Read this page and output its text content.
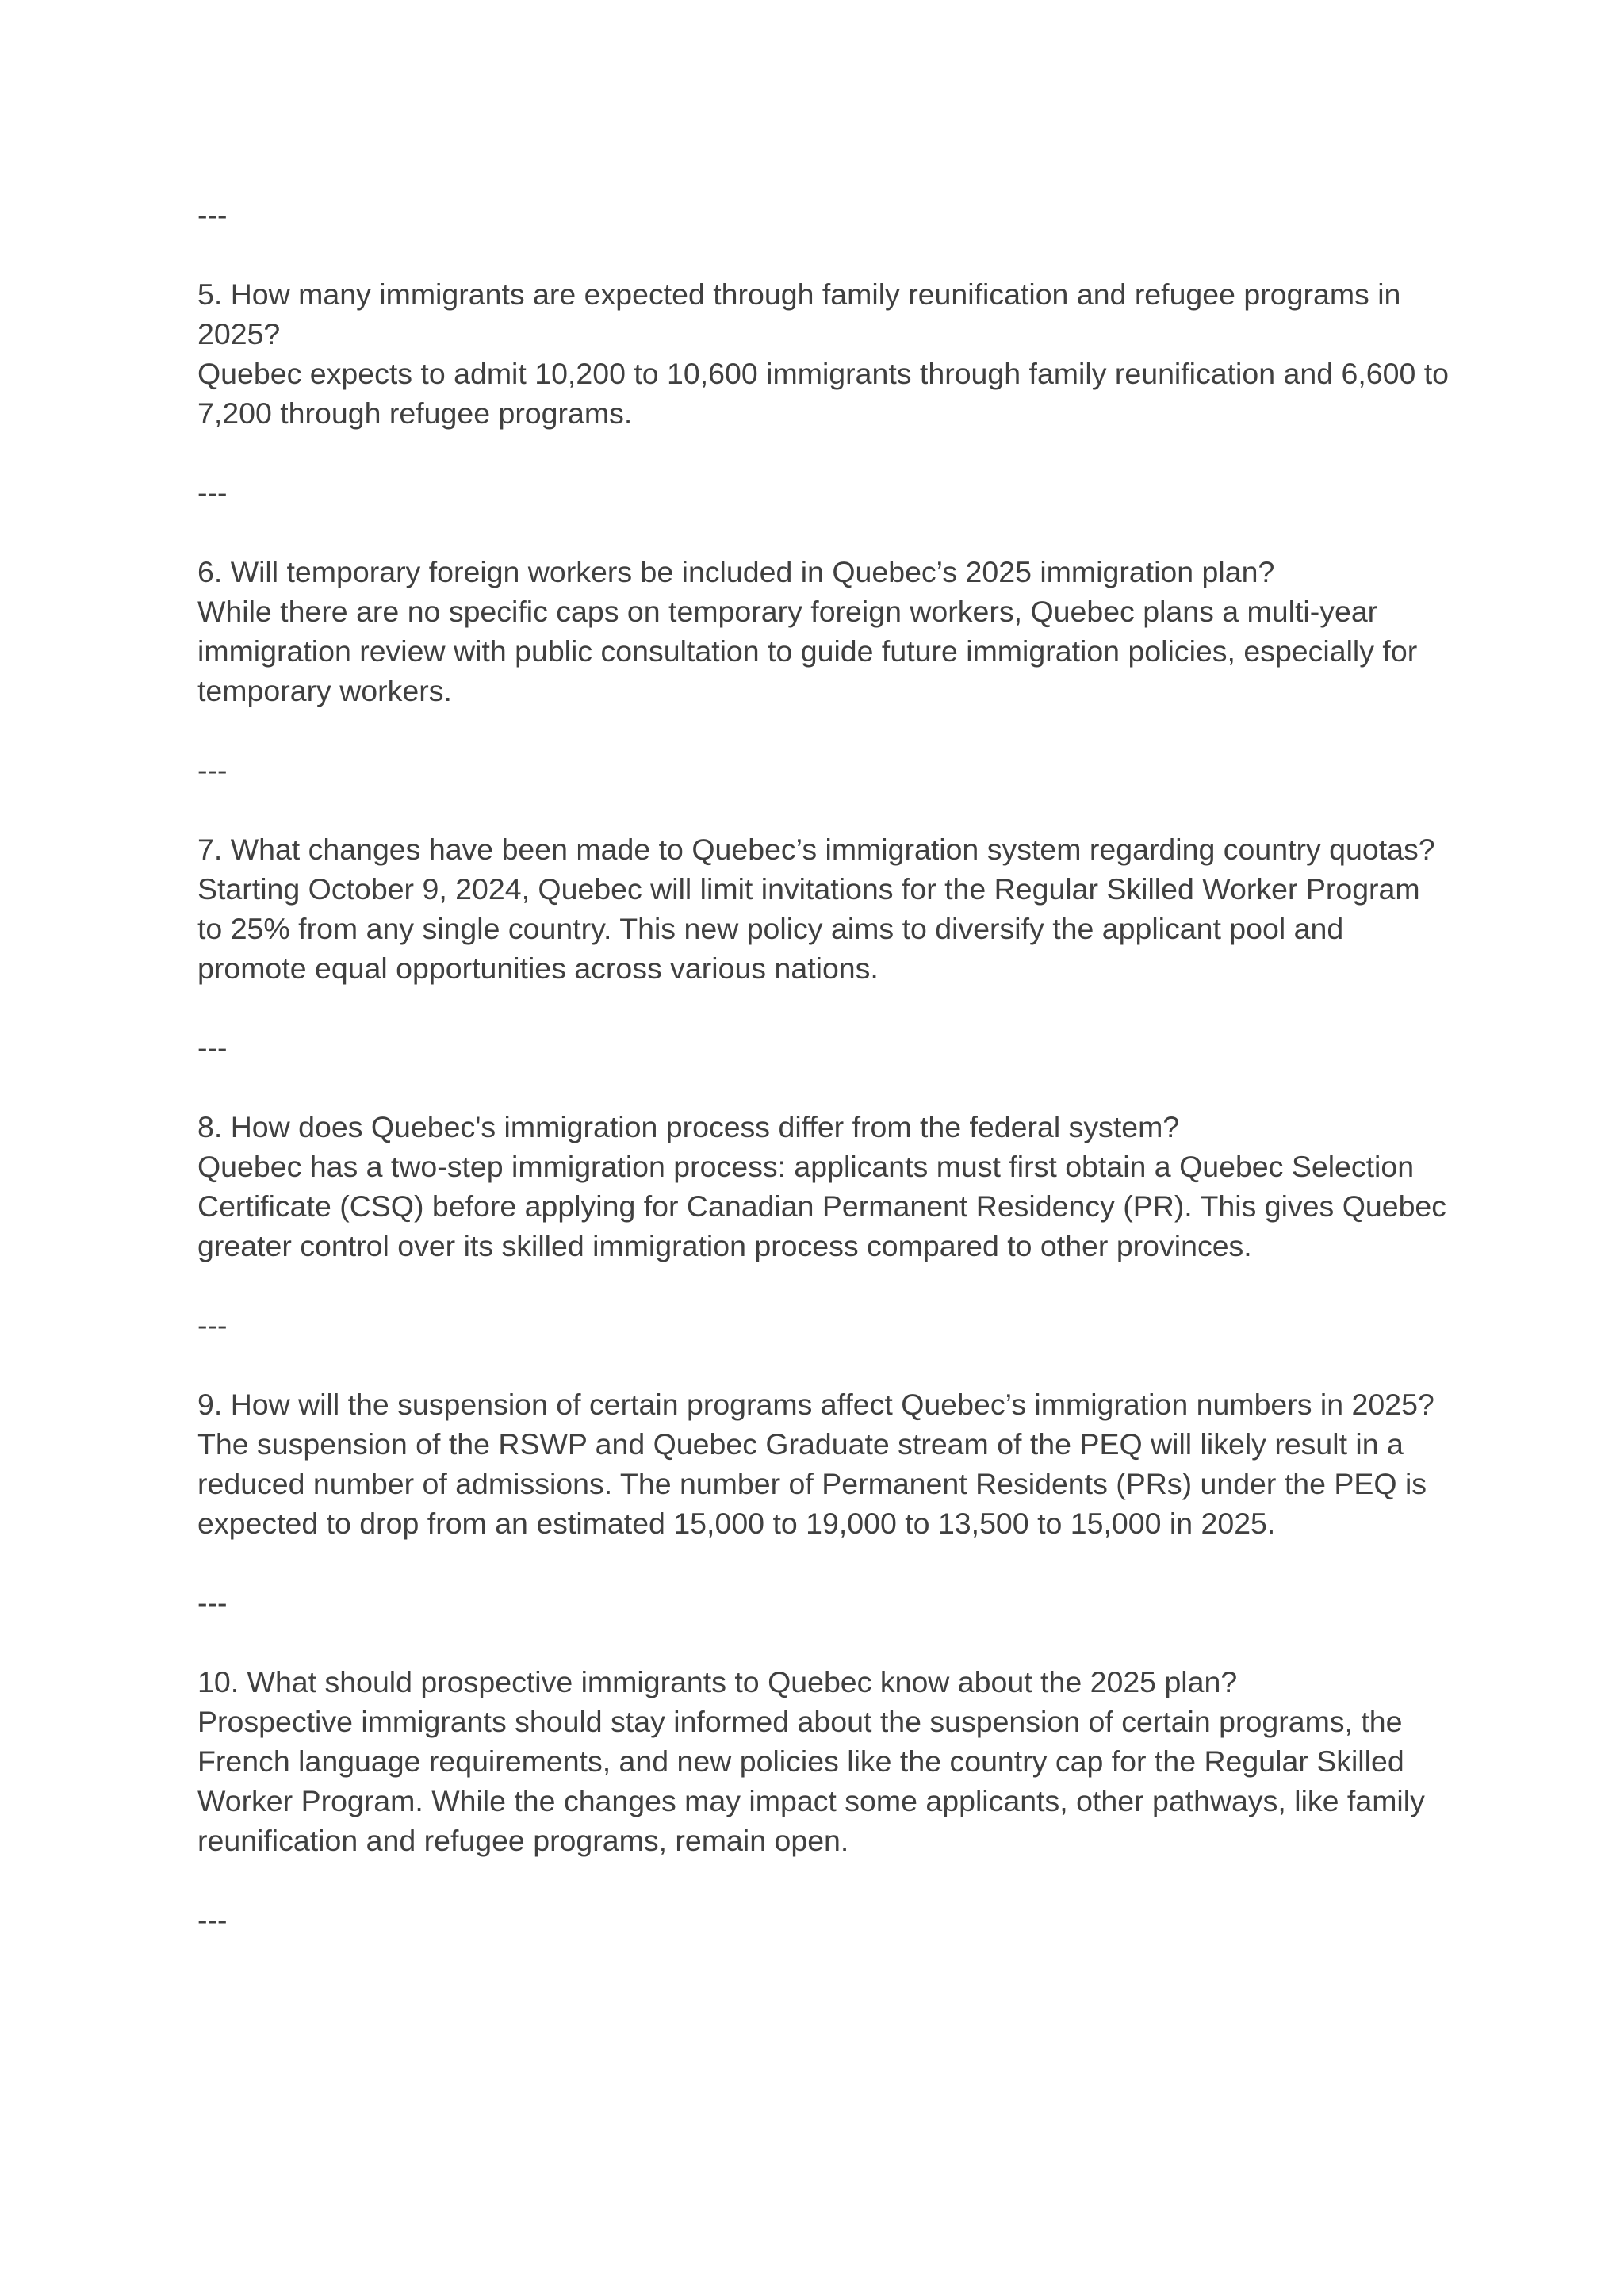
---

5. How many immigrants are expected through family reunification and refugee programs in 2025?

Quebec expects to admit 10,200 to 10,600 immigrants through family reunification and 6,600 to 7,200 through refugee programs.

---

6. Will temporary foreign workers be included in Quebec’s 2025 immigration plan?

While there are no specific caps on temporary foreign workers, Quebec plans a multi-year immigration review with public consultation to guide future immigration policies, especially for temporary workers.

---

7. What changes have been made to Quebec’s immigration system regarding country quotas?

Starting October 9, 2024, Quebec will limit invitations for the Regular Skilled Worker Program to 25% from any single country. This new policy aims to diversify the applicant pool and promote equal opportunities across various nations.

---

8. How does Quebec's immigration process differ from the federal system?

Quebec has a two-step immigration process: applicants must first obtain a Quebec Selection Certificate (CSQ) before applying for Canadian Permanent Residency (PR). This gives Quebec greater control over its skilled immigration process compared to other provinces.

---

9. How will the suspension of certain programs affect Quebec’s immigration numbers in 2025?

The suspension of the RSWP and Quebec Graduate stream of the PEQ will likely result in a reduced number of admissions. The number of Permanent Residents (PRs) under the PEQ is expected to drop from an estimated 15,000 to 19,000 to 13,500 to 15,000 in 2025.

---

10. What should prospective immigrants to Quebec know about the 2025 plan?

Prospective immigrants should stay informed about the suspension of certain programs, the French language requirements, and new policies like the country cap for the Regular Skilled Worker Program. While the changes may impact some applicants, other pathways, like family reunification and refugee programs, remain open.

---
